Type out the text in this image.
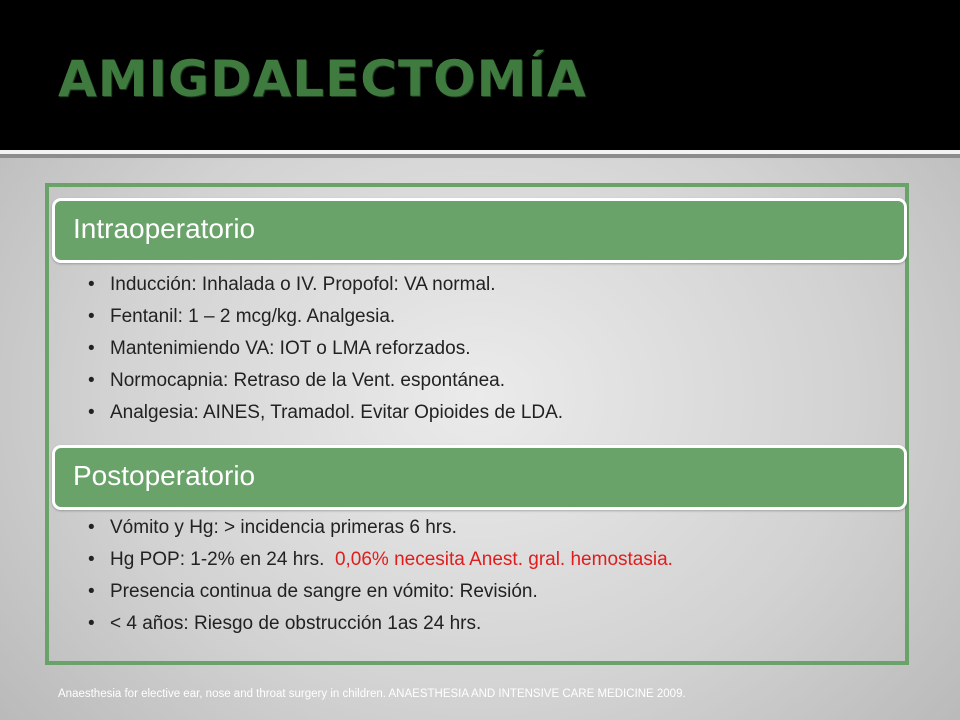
AMIGDALECTOMÍA
Intraoperatorio
• Inducción: Inhalada o IV. Propofol: VA normal.
• Fentanil: 1 – 2 mcg/kg. Analgesia.
• Mantenimiendo VA: IOT o LMA reforzados.
• Normocapnia: Retraso de la Vent. espontánea.
• Analgesia: AINES, Tramadol. Evitar Opioides de LDA.
Postoperatorio
• Vómito y Hg: > incidencia primeras 6 hrs.
• Hg POP: 1-2% en 24 hrs. 0,06% necesita Anest. gral. hemostasia.
• Presencia continua de sangre en vómito: Revisión.
• < 4 años: Riesgo de obstrucción 1as 24 hrs.
Anaesthesia for elective ear, nose and throat surgery in children. ANAESTHESIA AND INTENSIVE CARE MEDICINE 2009.
